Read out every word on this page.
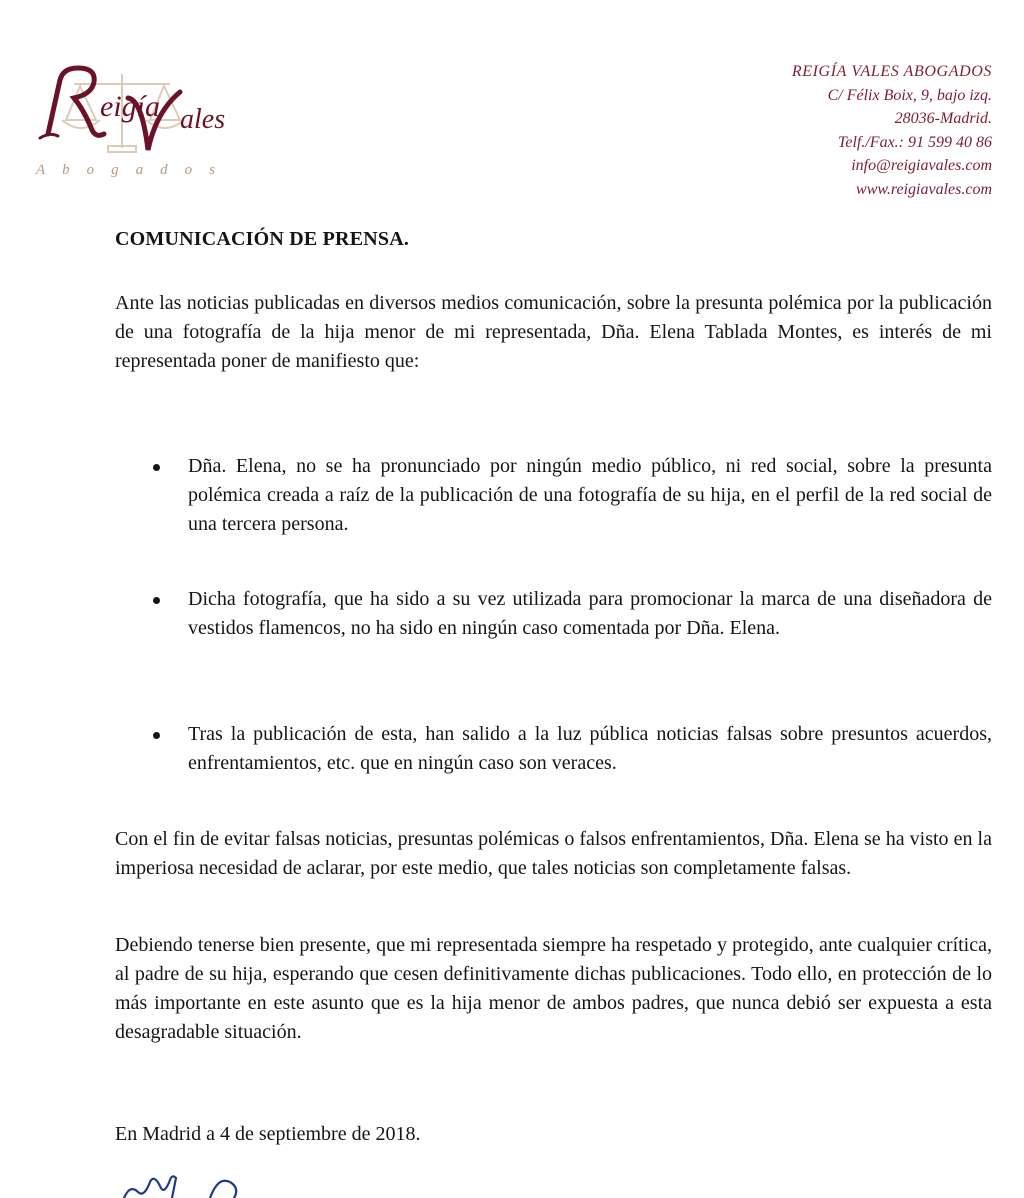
eigía ales
Abogados
REIGÍA VALES ABOGADOS
C/ Félix Boix, 9, bajo izq.
28036-Madrid.
Telf./Fax.: 91 599 40 86
info@reigiavales.com
www.reigiavales.com
COMUNICACIÓN DE PRENSA.
Ante las noticias publicadas en diversos medios comunicación, sobre la presunta polémica por la publicación de una fotografía de la hija menor de mi representada, Dña. Elena Tablada Montes, es interés de mi representada poner de manifiesto que:
Dña. Elena, no se ha pronunciado por ningún medio público, ni red social, sobre la presunta polémica creada a raíz de la publicación de una fotografía de su hija, en el perfil de la red social de una tercera persona.
Dicha fotografía, que ha sido a su vez utilizada para promocionar la marca de una diseñadora de vestidos flamencos, no ha sido en ningún caso comentada por Dña. Elena.
Tras la publicación de esta, han salido a la luz pública noticias falsas sobre presuntos acuerdos, enfrentamientos, etc. que en ningún caso son veraces.
Con el fin de evitar falsas noticias, presuntas polémicas o falsos enfrentamientos, Dña. Elena se ha visto en la imperiosa necesidad de aclarar, por este medio, que tales noticias son completamente falsas.
Debiendo tenerse bien presente, que mi representada siempre ha respetado y protegido, ante cualquier crítica, al padre de su hija, esperando que cesen definitivamente dichas publicaciones. Todo ello, en protección de lo más importante en este asunto que es la hija menor de ambos padres, que nunca debió ser expuesta a esta desagradable situación.
En Madrid a 4 de septiembre de 2018.
